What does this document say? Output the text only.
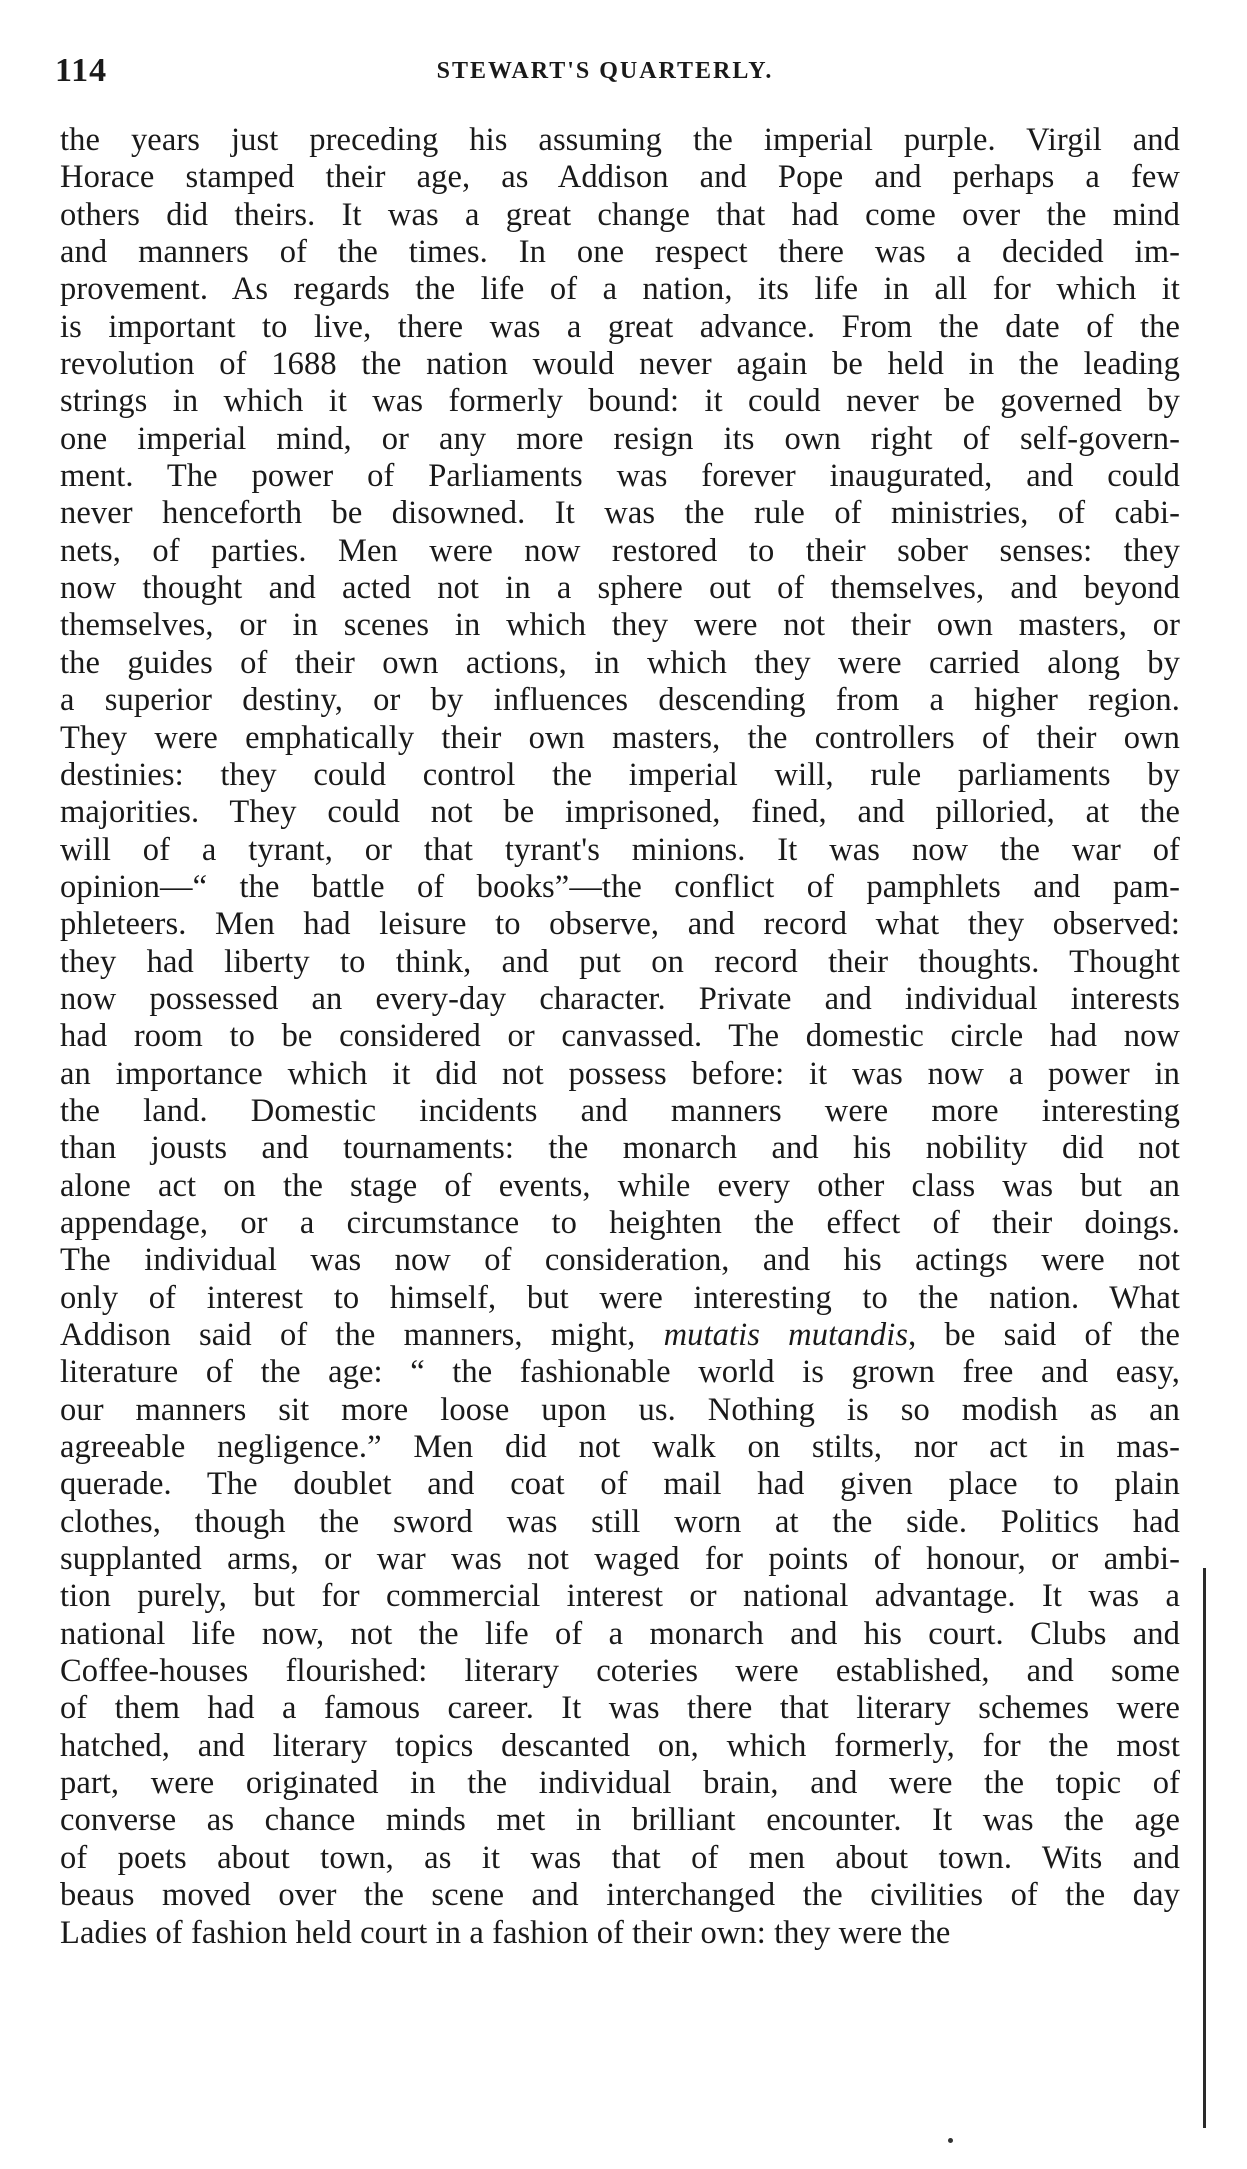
114	STEWART'S QUARTERLY.
the years just preceding his assuming the imperial purple. Virgil and
Horace stamped their age, as Addison and Pope and perhaps a few
others did theirs. It was a great change that had come over the mind
and manners of the times. In one respect there was a decided im-
provement. As regards the life of a nation, its life in all for which it
is important to live, there was a great advance. From the date of the
revolution of 1688 the nation would never again be held in the leading
strings in which it was formerly bound: it could never be governed by
one imperial mind, or any more resign its own right of self-govern-
ment. The power of Parliaments was forever inaugurated, and could
never henceforth be disowned. It was the rule of ministries, of cabi-
nets, of parties. Men were now restored to their sober senses: they
now thought and acted not in a sphere out of themselves, and beyond
themselves, or in scenes in which they were not their own masters, or
the guides of their own actions, in which they were carried along by
a superior destiny, or by influences descending from a higher region.
They were emphatically their own masters, the controllers of their own
destinies: they could control the imperial will, rule parliaments by
majorities. They could not be imprisoned, fined, and pilloried, at the
will of a tyrant, or that tyrant's minions. It was now the war of
opinion—“ the battle of books”—the conflict of pamphlets and pam-
phleteers. Men had leisure to observe, and record what they observed:
they had liberty to think, and put on record their thoughts. Thought
now possessed an every-day character. Private and individual interests
had room to be considered or canvassed. The domestic circle had now
an importance which it did not possess before: it was now a power in
the land. Domestic incidents and manners were more interesting
than jousts and tournaments: the monarch and his nobility did not
alone act on the stage of events, while every other class was but an
appendage, or a circumstance to heighten the effect of their doings.
The individual was now of consideration, and his actings were not
only of interest to himself, but were interesting to the nation. What
Addison said of the manners, might, mutatis mutandis, be said of the
literature of the age: “ the fashionable world is grown free and easy,
our manners sit more loose upon us. Nothing is so modish as an
agreeable negligence.” Men did not walk on stilts, nor act in mas-
querade. The doublet and coat of mail had given place to plain
clothes, though the sword was still worn at the side. Politics had
supplanted arms, or war was not waged for points of honour, or ambi-
tion purely, but for commercial interest or national advantage. It was a
national life now, not the life of a monarch and his court. Clubs and
Coffee-houses flourished: literary coteries were established, and some
of them had a famous career. It was there that literary schemes were
hatched, and literary topics descanted on, which formerly, for the most
part, were originated in the individual brain, and were the topic of
converse as chance minds met in brilliant encounter. It was the age
of poets about town, as it was that of men about town. Wits and
beaus moved over the scene and interchanged the civilities of the day
Ladies of fashion held court in a fashion of their own: they were the
